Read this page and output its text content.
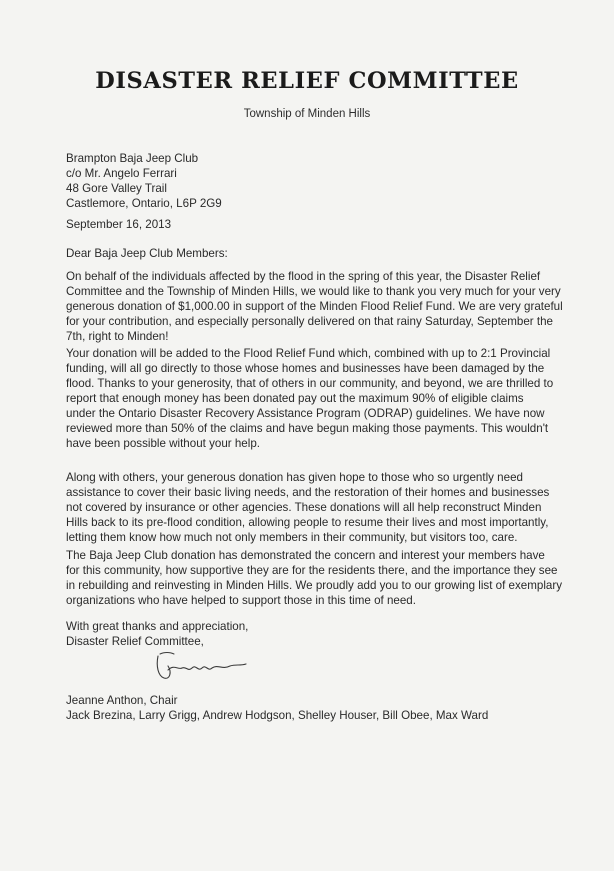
DISASTER RELIEF COMMITTEE
Township of Minden Hills
Brampton Baja Jeep Club
c/o Mr. Angelo Ferrari
48 Gore Valley Trail
Castlemore, Ontario, L6P 2G9
September 16, 2013
Dear Baja Jeep Club Members:
On behalf of the individuals affected by the flood in the spring of this year, the Disaster Relief
Committee and the Township of Minden Hills, we would like to thank you very much for your very
generous donation of $1,000.00 in support of the Minden Flood Relief Fund. We are very grateful
for your contribution, and especially personally delivered on that rainy Saturday, September the
7th, right to Minden!
Your donation will be added to the Flood Relief Fund which, combined with up to 2:1 Provincial
funding, will all go directly to those whose homes and businesses have been damaged by the
flood. Thanks to your generosity, that of others in our community, and beyond, we are thrilled to
report that enough money has been donated pay out the maximum 90% of eligible claims
under the Ontario Disaster Recovery Assistance Program (ODRAP) guidelines. We have now
reviewed more than 50% of the claims and have begun making those payments. This wouldn't
have been possible without your help.
Along with others, your generous donation has given hope to those who so urgently need
assistance to cover their basic living needs, and the restoration of their homes and businesses
not covered by insurance or other agencies. These donations will all help reconstruct Minden
Hills back to its pre-flood condition, allowing people to resume their lives and most importantly,
letting them know how much not only members in their community, but visitors too, care.
The Baja Jeep Club donation has demonstrated the concern and interest your members have
for this community, how supportive they are for the residents there, and the importance they see
in rebuilding and reinvesting in Minden Hills. We proudly add you to our growing list of exemplary
organizations who have helped to support those in this time of need.
With great thanks and appreciation,
Disaster Relief Committee,
Jeanne Anthon, Chair
Jack Brezina, Larry Grigg, Andrew Hodgson, Shelley Houser, Bill Obee, Max Ward
